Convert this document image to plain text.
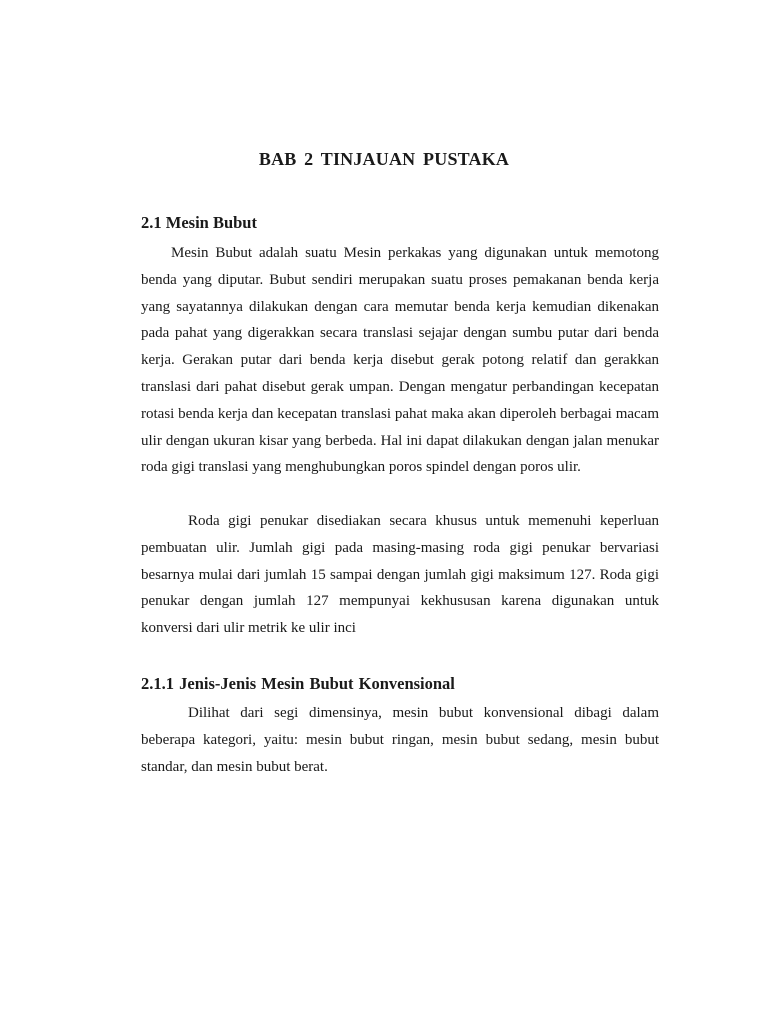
BAB 2 TINJAUAN PUSTAKA
2.1 Mesin Bubut

Mesin Bubut adalah suatu Mesin perkakas yang digunakan untuk memotong benda yang diputar. Bubut sendiri merupakan suatu proses pemakanan benda kerja yang sayatannya dilakukan dengan cara memutar benda kerja kemudian dikenakan pada pahat yang digerakkan secara translasi sejajar dengan sumbu putar dari benda kerja. Gerakan putar dari benda kerja disebut gerak potong relatif dan gerakkan translasi dari pahat disebut gerak umpan. Dengan mengatur perbandingan kecepatan rotasi benda kerja dan kecepatan translasi pahat maka akan diperoleh berbagai macam ulir dengan ukuran kisar yang berbeda. Hal ini dapat dilakukan dengan jalan menukar roda gigi translasi yang menghubungkan poros spindel dengan poros ulir.

Roda gigi penukar disediakan secara khusus untuk memenuhi keperluan pembuatan ulir. Jumlah gigi pada masing-masing roda gigi penukar bervariasi besarnya mulai dari jumlah 15 sampai dengan jumlah gigi maksimum 127. Roda gigi penukar dengan jumlah 127 mempunyai kekhususan karena digunakan untuk konversi dari ulir metrik ke ulir inci

2.1.1 Jenis-Jenis Mesin Bubut Konvensional

Dilihat dari segi dimensinya, mesin bubut konvensional dibagi dalam beberapa kategori, yaitu: mesin bubut ringan, mesin bubut sedang, mesin bubut standar, dan mesin bubut berat.
